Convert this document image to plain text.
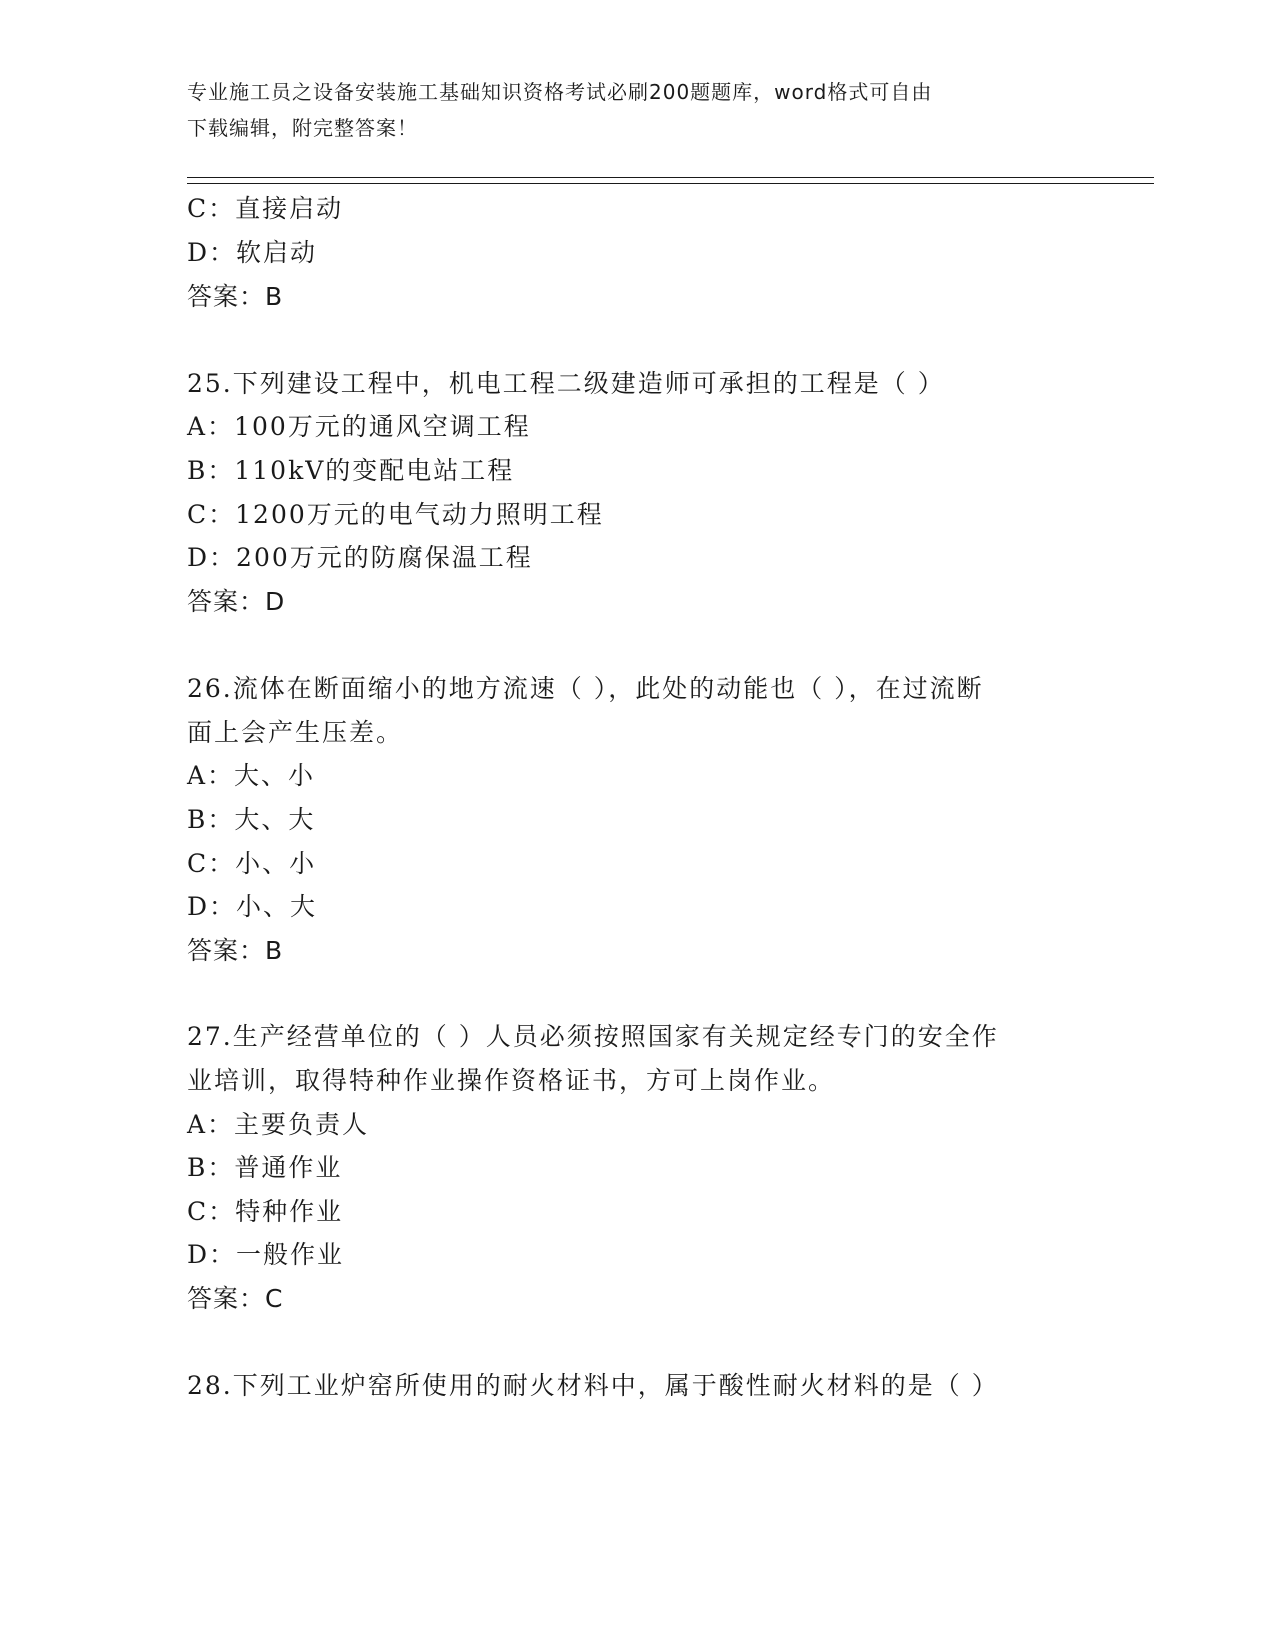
专业施工员之设备安装施工基础知识资格考试必刷200题题库，word格式可自由
下载编辑，附完整答案！
C：直接启动
D：软启动
答案：B
25.下列建设工程中，机电工程二级建造师可承担的工程是（ ）
A：100万元的通风空调工程
B：110kV的变配电站工程
C：1200万元的电气动力照明工程
D：200万元的防腐保温工程
答案：D
26.流体在断面缩小的地方流速（ ），此处的动能也（ ），在过流断
面上会产生压差。
A：大、小
B：大、大
C：小、小
D：小、大
答案：B
27.生产经营单位的（ ）人员必须按照国家有关规定经专门的安全作
业培训，取得特种作业操作资格证书，方可上岗作业。
A：主要负责人
B：普通作业
C：特种作业
D：一般作业
答案：C
28.下列工业炉窑所使用的耐火材料中，属于酸性耐火材料的是（ ）
